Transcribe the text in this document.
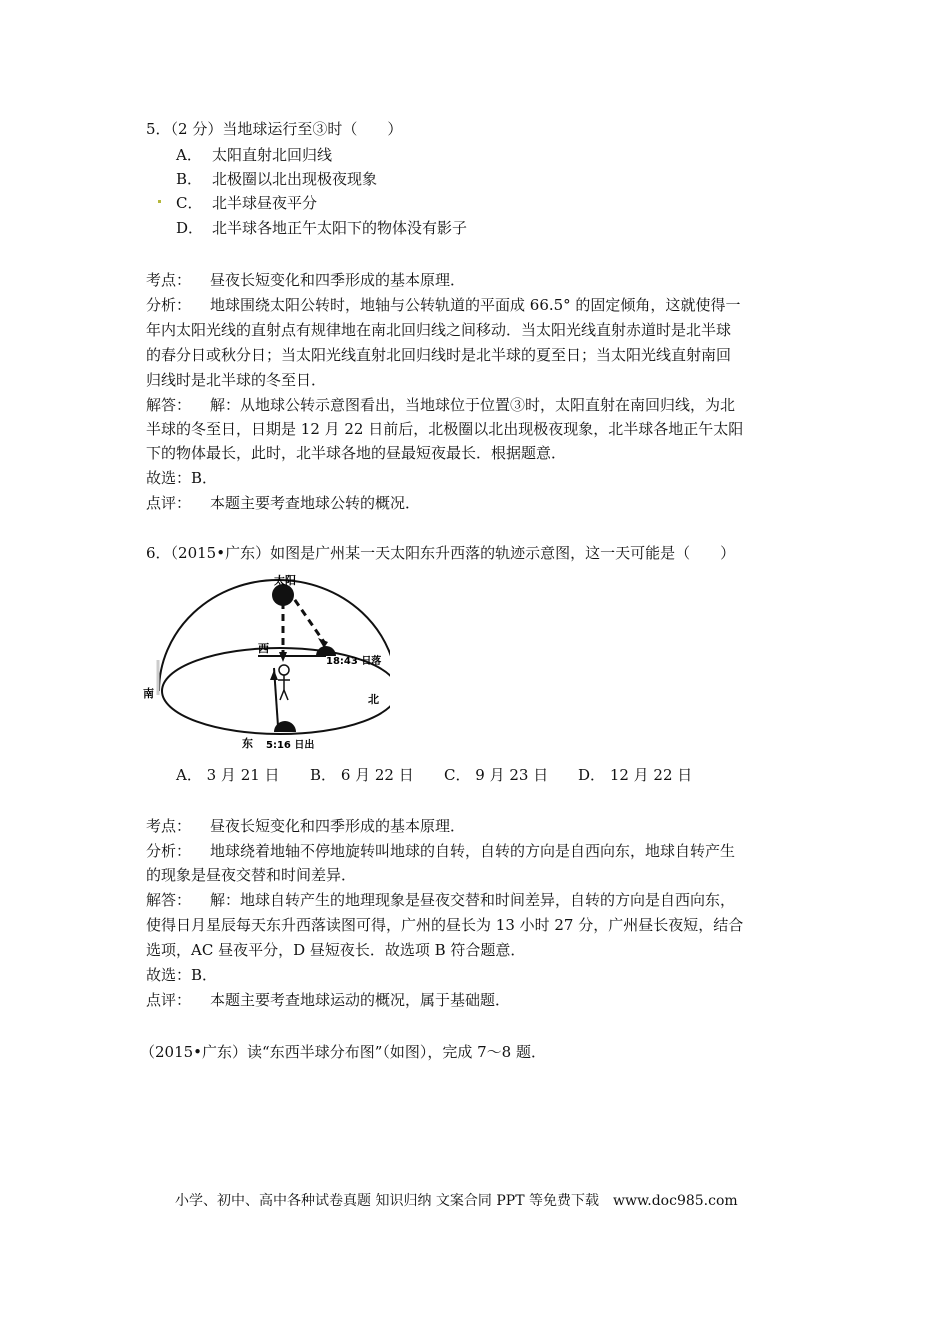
5．（2 分）当地球运行至③时（　　）
A． 太阳直射北回归线
B． 北极圈以北出现极夜现象
C． 北半球昼夜平分
D． 北半球各地正午太阳下的物体没有影子
考点： 昼夜长短变化和四季形成的基本原理．
分析： 地球围绕太阳公转时，地轴与公转轨道的平面成 66.5° 的固定倾角，这就使得一
年内太阳光线的直射点有规律地在南北回归线之间移动．当太阳光线直射赤道时是北半球
的春分日或秋分日；当太阳光线直射北回归线时是北半球的夏至日；当太阳光线直射南回
归线时是北半球的冬至日．
解答： 解：从地球公转示意图看出，当地球位于位置③时，太阳直射在南回归线，为北
半球的冬至日，日期是 12 月 22 日前后，北极圈以北出现极夜现象，北半球各地正午太阳
下的物体最长，此时，北半球各地的昼最短夜最长．根据题意．
故选：B．
点评： 本题主要考查地球公转的概况．
6．（2015•广东）如图是广州某一天太阳东升西落的轨迹示意图，这一天可能是（　　）
太阳
西
18:43 日落
南	北
东 5:16 日出
A． 3 月 21 日 B． 6 月 22 日 C． 9 月 23 日 D． 12 月 22 日
考点： 昼夜长短变化和四季形成的基本原理．
分析： 地球绕着地轴不停地旋转叫地球的自转，自转的方向是自西向东，地球自转产生
的现象是昼夜交替和时间差异．
解答： 解：地球自转产生的地理现象是昼夜交替和时间差异，自转的方向是自西向东，
使得日月星辰每天东升西落读图可得，广州的昼长为 13 小时 27 分，广州昼长夜短，结合
选项，AC 昼夜平分，D 昼短夜长．故选项 B 符合题意．
故选：B．
点评： 本题主要考查地球运动的概况，属于基础题．
（2015•广东）读“东西半球分布图”（如图），完成 7～8 题．
小学、初中、高中各种试卷真题 知识归纳 文案合同 PPT 等免费下载　www.doc985.com
